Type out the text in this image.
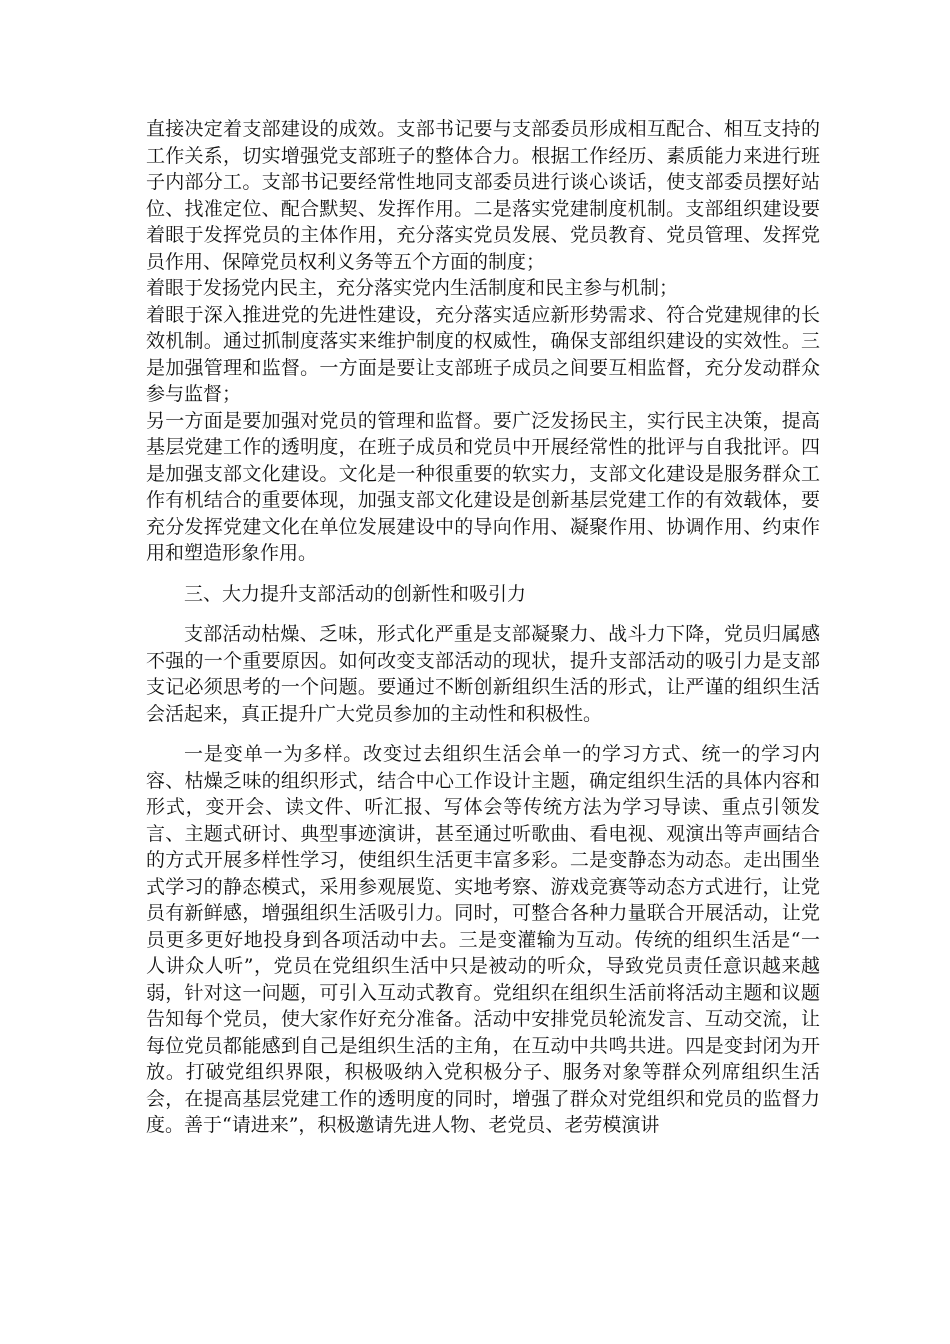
直接决定着支部建设的成效。支部书记要与支部委员形成相互配合、相互支持的工作关系，切实增强党支部班子的整体合力。根据工作经历、素质能力来进行班子内部分工。支部书记要经常性地同支部委员进行谈心谈话，使支部委员摆好站位、找准定位、配合默契、发挥作用。二是落实党建制度机制。支部组织建设要着眼于发挥党员的主体作用，充分落实党员发展、党员教育、党员管理、发挥党员作用、保障党员权利义务等五个方面的制度；

着眼于发扬党内民主，充分落实党内生活制度和民主参与机制；

着眼于深入推进党的先进性建设，充分落实适应新形势需求、符合党建规律的长效机制。通过抓制度落实来维护制度的权威性，确保支部组织建设的实效性。三是加强管理和监督。一方面是要让支部班子成员之间要互相监督，充分发动群众参与监督；

另一方面是要加强对党员的管理和监督。要广泛发扬民主，实行民主决策，提高基层党建工作的透明度，在班子成员和党员中开展经常性的批评与自我批评。四是加强支部文化建设。文化是一种很重要的软实力，支部文化建设是服务群众工作有机结合的重要体现，加强支部文化建设是创新基层党建工作的有效载体，要充分发挥党建文化在单位发展建设中的导向作用、凝聚作用、协调作用、约束作用和塑造形象作用。

三、大力提升支部活动的创新性和吸引力

支部活动枯燥、乏味，形式化严重是支部凝聚力、战斗力下降，党员归属感不强的一个重要原因。如何改变支部活动的现状，提升支部活动的吸引力是支部支记必须思考的一个问题。要通过不断创新组织生活的形式，让严谨的组织生活会活起来，真正提升广大党员参加的主动性和积极性。

一是变单一为多样。改变过去组织生活会单一的学习方式、统一的学习内容、枯燥乏味的组织形式，结合中心工作设计主题，确定组织生活的具体内容和形式，变开会、读文件、听汇报、写体会等传统方法为学习导读、重点引领发言、主题式研讨、典型事迹演讲，甚至通过听歌曲、看电视、观演出等声画结合的方式开展多样性学习，使组织生活更丰富多彩。二是变静态为动态。走出围坐式学习的静态模式，采用参观展览、实地考察、游戏竞赛等动态方式进行，让党员有新鲜感，增强组织生活吸引力。同时，可整合各种力量联合开展活动，让党员更多更好地投身到各项活动中去。三是变灌输为互动。传统的组织生活是“一人讲众人听”，党员在党组织生活中只是被动的听众，导致党员责任意识越来越弱，针对这一问题，可引入互动式教育。党组织在组织生活前将活动主题和议题告知每个党员，使大家作好充分准备。活动中安排党员轮流发言、互动交流，让每位党员都能感到自己是组织生活的主角，在互动中共鸣共进。四是变封闭为开放。打破党组织界限，积极吸纳入党积极分子、服务对象等群众列席组织生活会，在提高基层党建工作的透明度的同时，增强了群众对党组织和党员的监督力度。善于“请进来”，积极邀请先进人物、老党员、老劳模演讲
